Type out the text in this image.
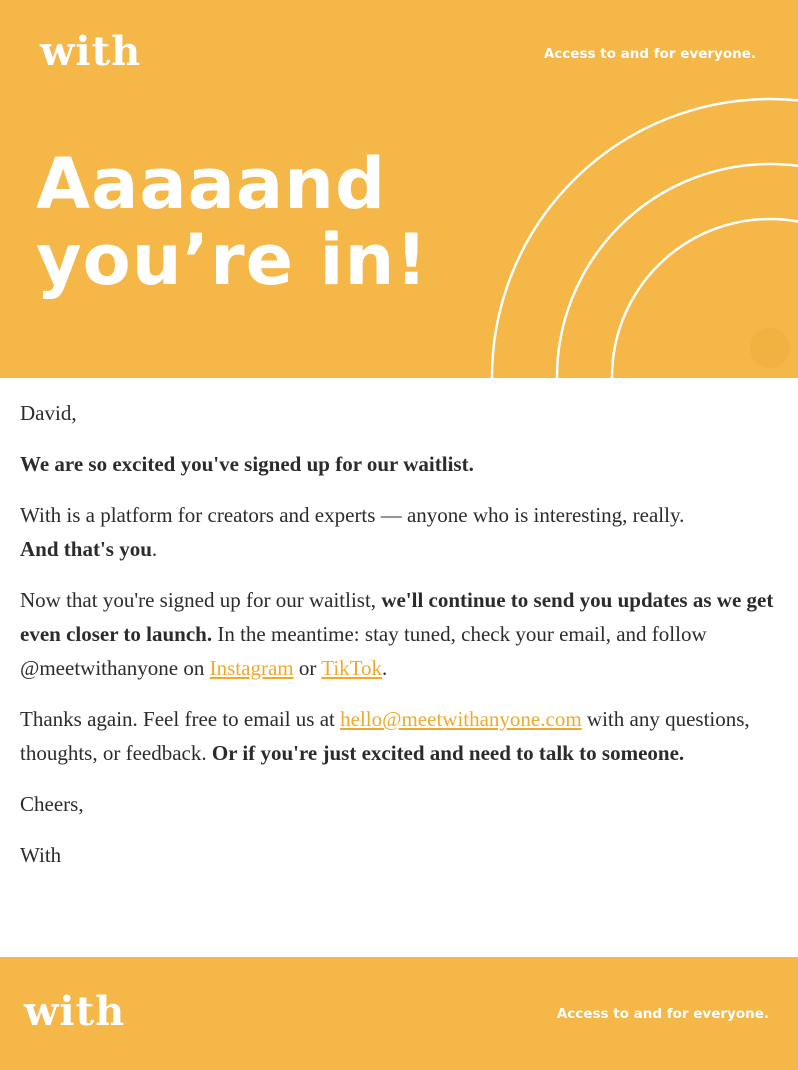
with	Access to and for everyone.
Aaaaand
you’re in!

David,

We are so excited you've signed up for our waitlist.

With is a platform for creators and experts — anyone who is interesting, really.
And that's you.

Now that you're signed up for our waitlist, we'll continue to send you updates as we get even closer to launch. In the meantime: stay tuned, check your email, and follow @meetwithanyone on Instagram or TikTok.

Thanks again. Feel free to email us at hello@meetwithanyone.com with any questions, thoughts, or feedback. Or if you're just excited and need to talk to someone.

Cheers,

With

with	Access to and for everyone.
